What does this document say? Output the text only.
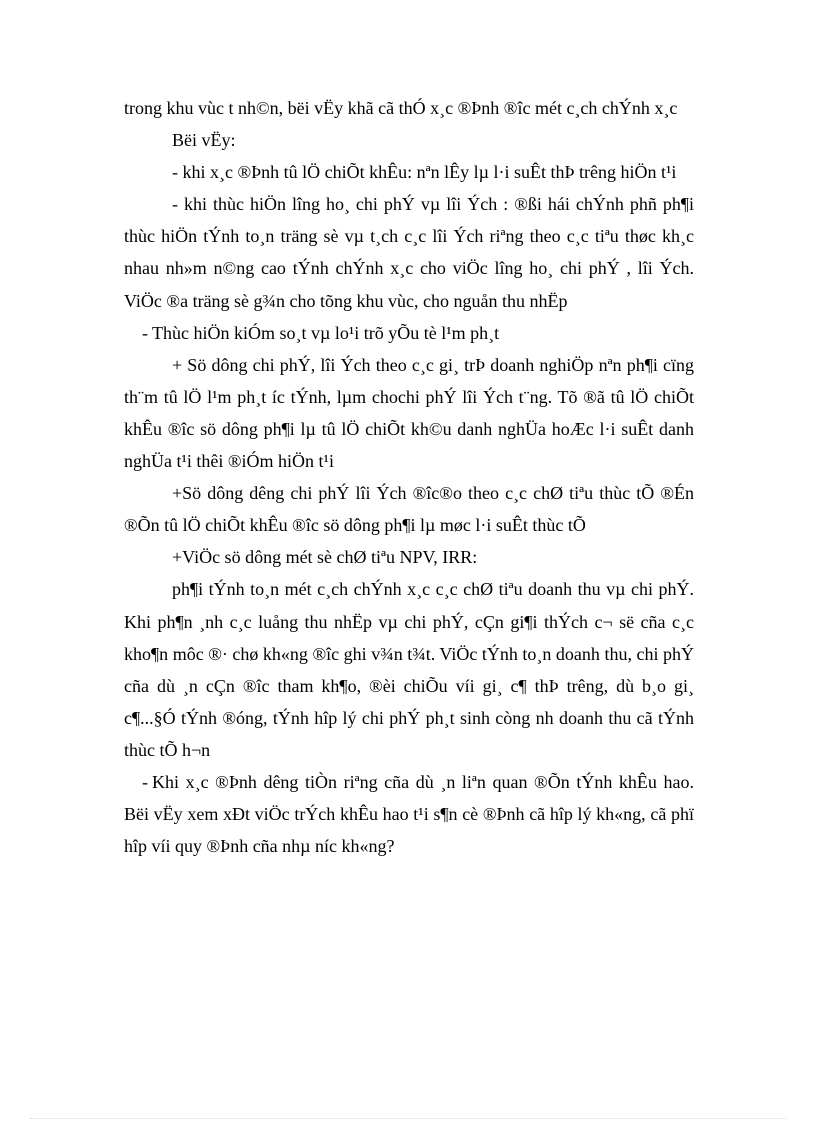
trong khu vùc t nh©n, bëi vËy khã cã thÓ x¸c ®Þnh ®îc mét c¸ch chÝnh x¸c

Bëi vËy:

- khi x¸c ®Þnh tû lÖ chiÕt khÊu: nªn lÊy lµ l·i suÊt thÞ trêng hiÖn t¹i

- khi thùc hiÖn lîng ho¸ chi phÝ vµ lîi Ých : ®ßi hái chÝnh phñ ph¶i thùc hiÖn tÝnh to¸n träng sè vµ t¸ch c¸c lîi Ých riªng theo c¸c tiªu thøc kh¸c nhau nh»m n©ng cao tÝnh chÝnh x¸c cho viÖc lîng ho¸ chi phÝ , lîi Ých. ViÖc ®a träng sè g¾n cho tõng khu vùc, cho nguån thu nhËp

- Thùc hiÖn kiÓm so¸t vµ lo¹i trõ yÕu tè l¹m ph¸t

+ Sö dông chi phÝ, lîi Ých theo c¸c gi¸ trÞ doanh nghiÖp nªn ph¶i cïng th¨m tû lÖ l¹m ph¸t íc tÝnh, lµm chochi phÝ lîi Ých t¨ng. Tõ ®ã tû lÖ chiÕt khÊu ®îc sö dông ph¶i lµ tû lÖ chiÕt kh©u danh nghÜa hoÆc l·i suÊt danh nghÜa t¹i thêi ®iÓm hiÖn t¹i

+Sö dông dêng chi phÝ lîi Ých ®îc®o theo c¸c chØ tiªu thùc tÕ ®Én ®Õn tû lÖ chiÕt khÊu ®îc sö dông ph¶i lµ møc l·i suÊt thùc tÕ

+ViÖc sö dông mét sè chØ tiªu NPV, IRR:

ph¶i tÝnh to¸n mét c¸ch chÝnh x¸c c¸c chØ tiªu doanh thu vµ chi phÝ. Khi ph¶n ¸nh c¸c luång thu nhËp vµ chi phÝ, cÇn gi¶i thÝch c¬ së cña c¸c kho¶n môc ®· chø kh«ng ®îc ghi v¾n t¾t. ViÖc tÝnh to¸n doanh thu, chi phÝ cña dù ¸n cÇn ®îc tham kh¶o, ®èi chiÕu víi gi¸ c¶ thÞ trêng, dù b¸o gi¸ c¶...§Ó tÝnh ®óng, tÝnh hîp lý chi phÝ ph¸t sinh còng nh doanh thu cã tÝnh thùc tÕ h¬n

- Khi x¸c ®Þnh dêng tiÒn riªng cña dù ¸n liªn quan ®Õn tÝnh khÊu hao. Bëi vËy xem xÐt viÖc trÝch khÊu hao t¹i s¶n cè ®Þnh cã hîp lý kh«ng, cã phï hîp víi quy ®Þnh cña nhµ níc kh«ng?
